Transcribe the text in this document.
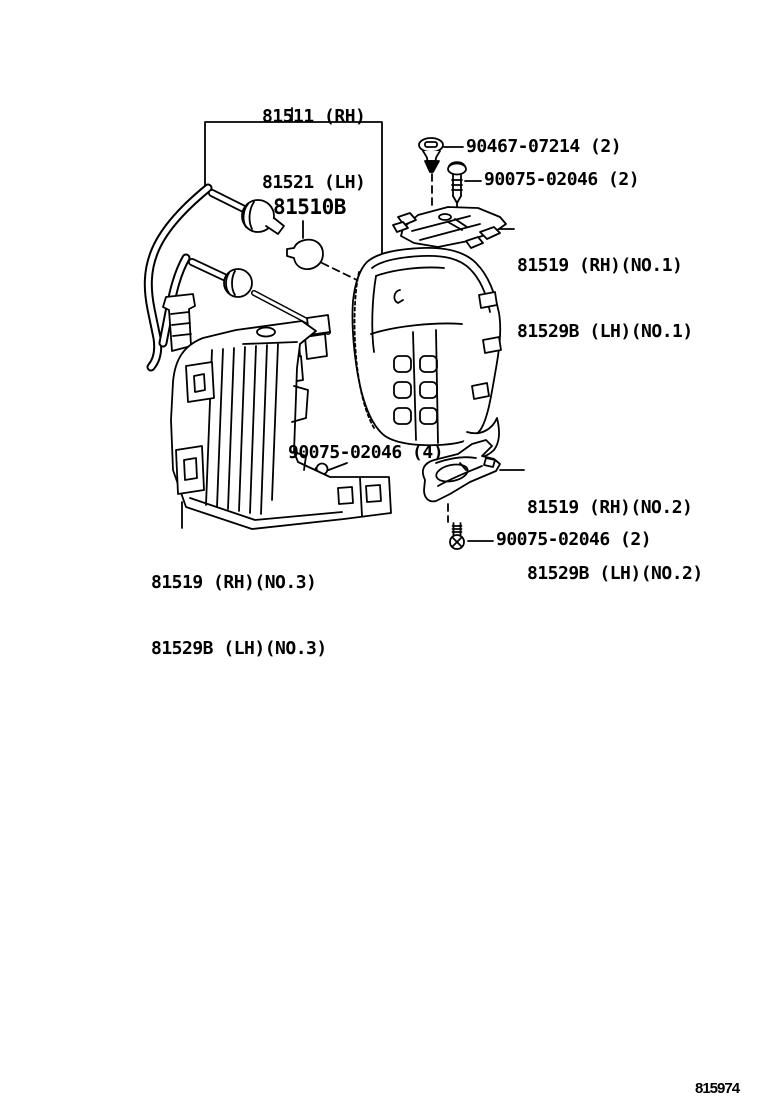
81511 (RH)

81521 (LH)

90467-07214 (2)
90075-02046 (2)
81510B

81519 (RH)(NO.1)

81529B (LH)(NO.1)

90075-02046 (4)

81519 (RH)(NO.2)

81529B (LH)(NO.2)

81519 (RH)(NO.3)

81529B (LH)(NO.3)

90075-02046 (2)
815974
